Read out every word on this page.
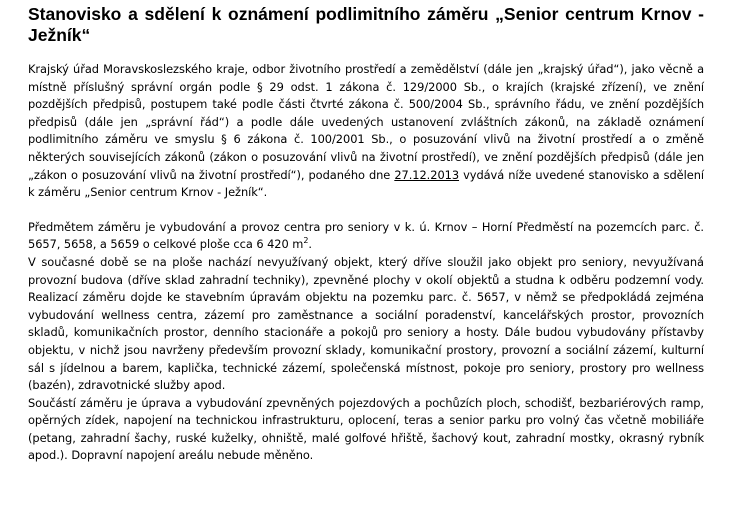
Stanovisko a sdělení k oznámení podlimitního záměru „Senior centrum Krnov - Ježník“

Krajský úřad Moravskoslezského kraje, odbor životního prostředí a zemědělství (dále jen „krajský úřad“), jako věcně a místně příslušný správní orgán podle § 29 odst. 1 zákona č. 129/2000 Sb., o krajích (krajské zřízení), ve znění pozdějších předpisů, postupem také podle části čtvrté zákona č. 500/2004 Sb., správního řádu, ve znění pozdějších předpisů (dále jen „správní řád“) a podle dále uvedených ustanovení zvláštních zákonů, na základě oznámení podlimitního záměru ve smyslu § 6 zákona č. 100/2001 Sb., o posuzování vlivů na životní prostředí a o změně některých souvisejících zákonů (zákon o posuzování vlivů na životní prostředí), ve znění pozdějších předpisů (dále jen „zákon o posuzování vlivů na životní prostředí“), podaného dne 27.12.2013 vydává níže uvedené stanovisko a sdělení k záměru „Senior centrum Krnov - Ježník“.

Předmětem záměru je vybudování a provoz centra pro seniory v k. ú. Krnov – Horní Předměstí na pozemcích parc. č. 5657, 5658, a 5659 o celkové ploše cca 6 420 $m^2$.

V současné době se na ploše nachází nevyužívaný objekt, který dříve sloužil jako objekt pro seniory, nevyužívaná provozní budova (dříve sklad zahradní techniky), zpevněné plochy v okolí objektů a studna k odběru podzemní vody. Realizací záměru dojde ke stavebním úpravám objektu na pozemku parc. č. 5657, v němž se předpokládá zejména vybudování wellness centra, zázemí pro zaměstnance a sociální poradenství, kancelářských prostor, provozních skladů, komunikačních prostor, denního stacionáře a pokojů pro seniory a hosty. Dále budou vybudovány přístavby objektu, v nichž jsou navrženy především provozní sklady, komunikační prostory, provozní a sociální zázemí, kulturní sál s jídelnou a barem, kaplička, technické zázemí, společenská místnost, pokoje pro seniory, prostory pro wellness (bazén), zdravotnické služby apod.

Součástí záměru je úprava a vybudování zpevněných pojezdových a pochůzích ploch, schodišť, bezbariérových ramp, opěrných zídek, napojení na technickou infrastrukturu, oplocení, teras a senior parku pro volný čas včetně mobiliáře (petang, zahradní šachy, ruské kuželky, ohniště, malé golfové hřiště, šachový kout, zahradní mostky, okrasný rybník apod.). Dopravní napojení areálu nebude měněno.
